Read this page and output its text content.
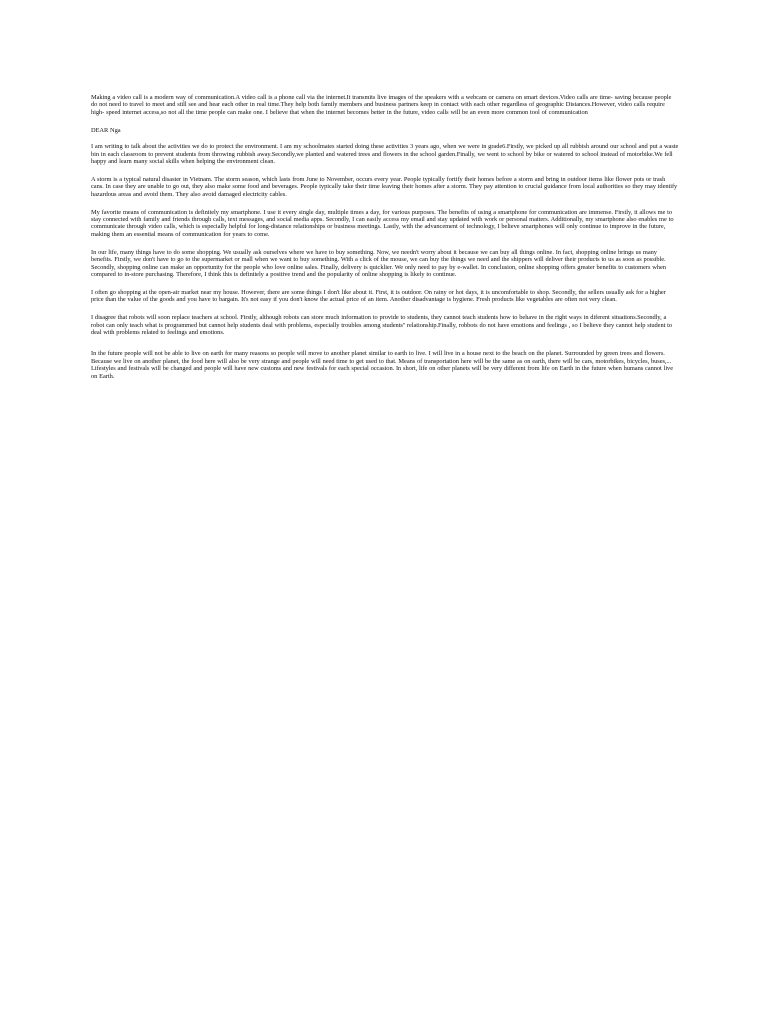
Making a video call is a modern way of communication.A video call is a phone call via the internet.It transmits live images of the speakers with a webcam or camera on smart devices.Video calls are time- saving because people do not need to travel to meet and still see and hear each other in real time.They help both family members and business partners keep in contact with each other regardless of geographic Distances.However, video calls require high- speed internet access,so not all the time people can make one. I believe that when the internet becomes better in the future, video calls will be an even more common tool of communication

DEAR Nga

I am writing to talk about the activities we do to protect the environment. I am my schoolmates started doing these activities 3 years ago, when we were in grade6.Firstly, we picked up all rubbish around our school and put a waste bin in each classroom to prevent students from throwing rubbish away.Secondly,we planted and watered trees and flowers in the school garden.Finally, we went to school by bike or watered to school instead of motorbike.We fell happy and learn many social skills when helping the environment clean.

A storm is a typical natural disaster in Vietnam. The storm season, which lasts from June to November, occurs every year. People typically fortify their homes before a storm and bring in outdoor items like flower pots or trash cans. In case they are unable to go out, they also make some food and beverages. People typically take their time leaving their homes after a storm. They pay attention to crucial guidance from local authorities so they may identify hazardous areas and avoid them. They also avoid damaged electricity cables.

My favorite means of communication is definitely my smartphone. I use it every single day, multiple times a day, for various purposes. The benefits of using a smartphone for communication are immense. Firstly, it allows me to stay connected with family and friends through calls, text messages, and social media apps. Secondly, I can easily access my email and stay updated with work or personal matters. Additionally, my smartphone also enables me to communicate through video calls, which is especially helpful for long-distance relationships or business meetings. Lastly, with the advancement of technology, I believe smartphones will only continue to improve in the future, making them an essential means of communication for years to come.

In our life, many things have to do some shopping. We usually ask ourselves where we have to buy something. Now, we needn't worry about it because we can buy all things online. In fact, shopping online brings us many benefits. Firstly, we don't have to go to the supermarket or mall when we want to buy something. With a click of the mouse, we can buy the things we need and the shippers will deliver their products to us as soon as possible. Secondly, shopping online can make an opportunity for the people who love online sales. Finally, delivery is quicklier. We only need to pay by e-wallet. In conclusion, online shopping offers greater benefits to customers when compared to in-store purchasing. Therefore, I think this is definitely a positive trend and the popularity of online shopping is likely to continue.

I often go shopping at the open-air market near my house. However, there are some things I don't like about it. First, it is outdoor. On rainy or hot days, it is uncomfortable to shop. Secondly, the sellers usually ask for a higher price than the value of the goods and you have to bargain. It's not easy if you don't know the actual price of an item. Another disadvantage is hygiene. Fresh products like vegetables are often not very clean.

I disagree that robots will soon replace teachers at school. Firstly, although robots can store much information to provide to students, they cannot teach students how to behave in the right ways in diferent situations.Secondly, a robot can only teach what is programmed but cannot help students deal with problems, especially troubles among students'' relationship.Finally, robbots do not have emotions and feelings , so I believe they cannot help student to deal with problems related to feelings and emotions.

In the future people will not be able to live on earth for many reasons so people will move to another planet similar to earth to live. I will live in a house next to the beach on the planet. Surrounded by green trees and flowers. Because we live on another planet, the food here will also be very strange and people will need time to get used to that. Means of transportation here will be the same as on earth, there will be cars, motorbikes, bicycles, buses,... Lifestyles and festivals will be changed and people will have new customs and new festivals for each special occasion. In short, life on other planets will be very different from life on Earth in the future when humans cannot live on Earth.
